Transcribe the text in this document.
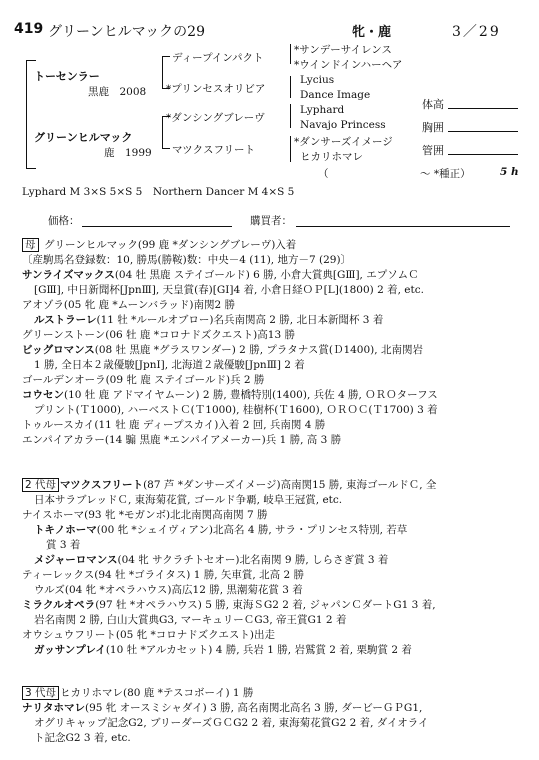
419 グリーンヒルマックの29	牝・鹿	3／29
トーセンラー
黒鹿　2008
グリーンヒルマック
鹿　1999
ディープインパクト
*プリンセスオリビア
*ダンシングブレーヴ
マツクスフリート
*サンデーサイレンス
*ウインドインハーヘア
Lycius
Dance Image
Lyphard
Navajo Princess
*ダンサーズイメージ
ヒカリホマレ
（	～ *種正）	5 h
体高
胸囲
管囲
Lyphard M 3×S 5×S 5　Northern Dancer M 4×S 5
価格：	購買者：
母 グリーンヒルマック(99 鹿 *ダンシングブレーヴ)入着
〔産駒馬名登録数：10, 勝馬(勝鞍)数：中央－4 (11), 地方－7 (29)〕
サンライズマックス(04 牡 黒鹿 ステイゴールド) 6 勝, 小倉大賞典[GⅢ], エプソムＣ
[GⅢ], 中日新聞杯[JpnⅢ], 天皇賞(春)[GⅠ]4 着, 小倉日経ＯＰ[L](1800) 2 着, etc.
アオゾラ(05 牝 鹿 *ムーンバラッド)南関2 勝
ルストラーレ(11 牡 *ルールオブロー)名兵南関高 2 勝, 北日本新聞杯 3 着
グリーンストーン(06 牡 鹿 *コロナドズクエスト)高13 勝
ビッグロマンス(08 牡 黒鹿 *グラスワンダー) 2 勝, プラタナス賞(Ｄ1400), 北南関岩
1 勝, 全日本２歳優駿[JpnⅠ], 北海道２歳優駿[JpnⅢ] 2 着
ゴールデンオーラ(09 牝 鹿 ステイゴールド)兵 2 勝
コウセン(10 牡 鹿 アドマイヤムーン) 2 勝, 豊橋特別(1400), 兵佐 4 勝, ＯＲＯターフス
プリント(Ｔ1000), ハーベストＣ(Ｔ1000), 桂樹杯(Ｔ1600), ＯＲＯＣ(Ｔ1700) 3 着
トゥルースカイ(11 牡 鹿 ディープスカイ)入着 2 回, 兵南関 4 勝
エンパイアカラー(14 騸 黒鹿 *エンパイアメーカー)兵 1 勝, 高 3 勝
2 代母 マツクスフリート(87 芦 *ダンサーズイメージ)高南関15 勝, 東海ゴールドＣ, 全
日本サラブレッドＣ, 東海菊花賞, ゴールド争覇, 岐阜王冠賞, etc.
ナイスホーマ(93 牝 *モガンボ)北北南関高南関 7 勝
トキノホーマ(00 牝 *シェイヴィアン)北高名 4 勝, サラ・プリンセス特別, 若草
賞 3 着
メジャーロマンス(04 牝 サクラチトセオー)北名南関 9 勝, しらさぎ賞 3 着
ティーレックス(94 牡 *ゴライタス) 1 勝, 矢車賞, 北高 2 勝
ウルズ(04 牝 *オペラハウス)高広12 勝, 黒潮菊花賞 3 着
ミラクルオペラ(97 牡 *オペラハウス) 5 勝, 東海ＳG2 2 着, ジャパンＣダートG1 3 着,
岩名南関 2 勝, 白山大賞典G3, マーキュリーＣG3, 帝王賞G1 2 着
オウシュウフリート(05 牝 *コロナドズクエスト)出走
ガッサンプレイ(10 牡 *アルカセット) 4 勝, 兵岩 1 勝, 岩鷲賞 2 着, 栗駒賞 2 着
3 代母 ヒカリホマレ(80 鹿 *テスコボーイ) 1 勝
ナリタホマレ(95 牝 オースミシャダイ) 3 勝, 高名南関北高名 3 勝, ダービーＧＰG1,
オグリキャップ記念G2, ブリーダーズＧＣG2 2 着, 東海菊花賞G2 2 着, ダイオライ
ト記念G2 3 着, etc.
